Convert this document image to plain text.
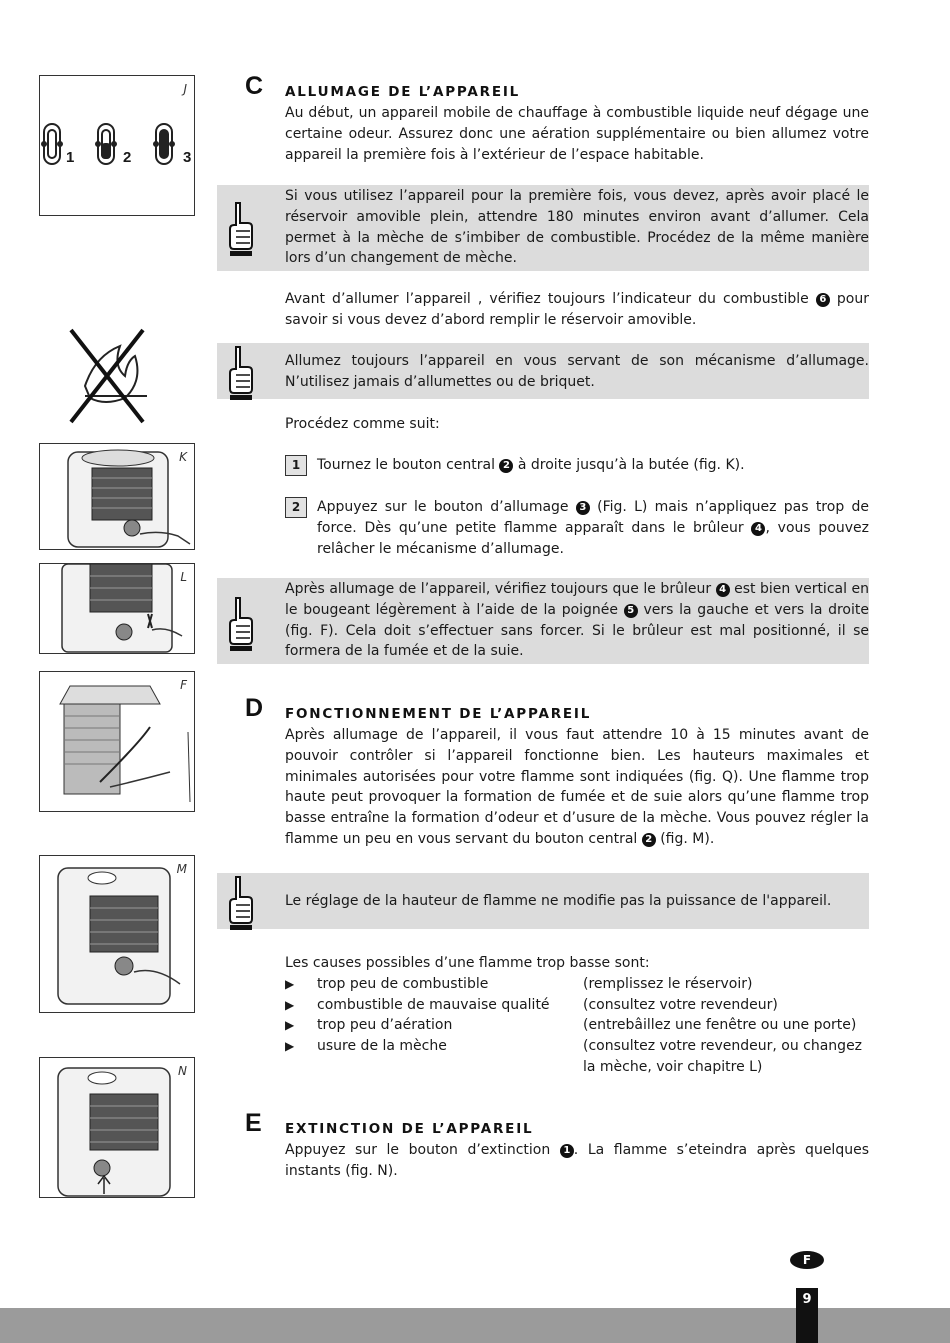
J
1	2	3
K
L
F
M
N
C ALLUMAGE DE L’APPAREIL

Au début, un appareil mobile de chauffage à combustible liquide neuf dégage une certaine odeur. Assurez donc une aération supplémentaire ou bien allumez votre appareil la première fois à l’extérieur de l’espace habitable.

Si vous utilisez l’appareil pour la première fois, vous devez, après avoir placé le réservoir amovible plein, attendre 180 minutes environ avant d’allumer. Cela permet à la mèche de s’imbiber de combustible. Procédez de la même manière lors d’un changement de mèche.

Avant d’allumer l’appareil , vérifiez toujours l’indicateur du combustible 6 pour savoir si vous devez d’abord remplir le réservoir amovible.

Allumez toujours l’appareil en vous servant de son mécanisme d’allumage. N’utilisez jamais d’allumettes ou de briquet.

Procédez comme suit:

1	Tournez le bouton central 2 à droite jusqu’à la butée (fig. K).
2	Appuyez sur le bouton d’allumage 3 (Fig. L) mais n’appliquez pas trop de force. Dès qu’une petite flamme apparaît dans le brûleur 4 , vous pouvez relâcher le mécanisme d’allumage.

Après allumage de l’appareil, vérifiez toujours que le brûleur 4 est bien vertical en le bougeant légèrement à l’aide de la poignée 5 vers la gauche et vers la droite (fig. F). Cela doit s’effectuer sans forcer. Si le brûleur est mal positionné, il se formera de la fumée et de la suie.

D FONCTIONNEMENT DE L’APPAREIL

Après allumage de l’appareil, il vous faut attendre 10 à 15 minutes avant de pouvoir contrôler si l’appareil fonctionne bien. Les hauteurs maximales et minimales autorisées pour votre flamme sont indiquées (fig. Q). Une flamme trop haute peut provoquer la formation de fumée et de suie alors qu’une flamme trop basse entraîne la formation d’odeur et d’usure de la mèche. Vous pouvez régler la flamme un peu en vous servant du bouton central 2 (fig. M).

Le réglage de la hauteur de flamme ne modifie pas la puissance de l'appareil.

Les causes possibles d’une flamme trop basse sont:

▶ trop peu de combustible	(remplissez le réservoir)
▶ combustible de mauvaise qualité (consultez votre revendeur)
▶ trop peu d’aération	(entrebâillez une fenêtre ou une porte)
▶ usure de la mèche	(consultez votre revendeur, ou changez la mèche, voir chapitre L)
E EXTINCTION DE L’APPAREIL

Appuyez sur le bouton d’extinction 1 . La flamme s’eteindra après quelques instants (fig. N).

F
9
